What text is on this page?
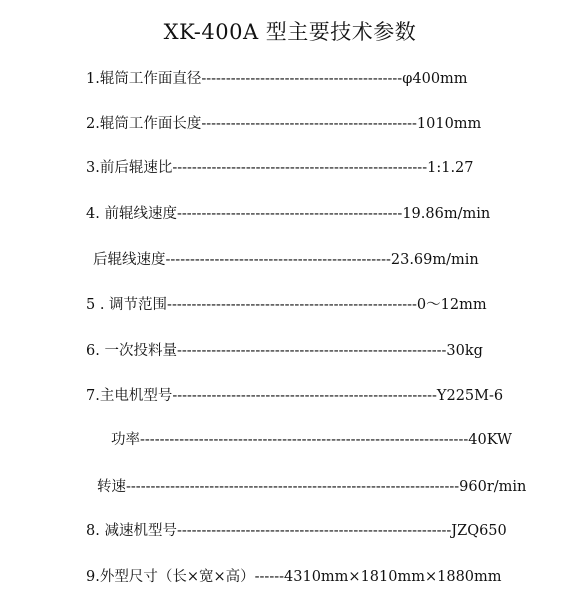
XK-400A 型主要技术参数
1.辊筒工作面直径-----------------------------------------φ400mm
2.辊筒工作面长度--------------------------------------------1010mm
3.前后辊速比----------------------------------------------------1:1.27
4. 前辊线速度----------------------------------------------19.86m/min
后辊线速度----------------------------------------------23.69m/min
5 . 调节范围---------------------------------------------------0～12mm
6. 一次投料量-------------------------------------------------------30kg
7.主电机型号------------------------------------------------------Y225M-6
功率-------------------------------------------------------------------40KW
转速--------------------------------------------------------------------960r/min
8. 减速机型号--------------------------------------------------------JZQ650
9.外型尺寸（长×宽×高）------4310mm×1810mm×1880mm
